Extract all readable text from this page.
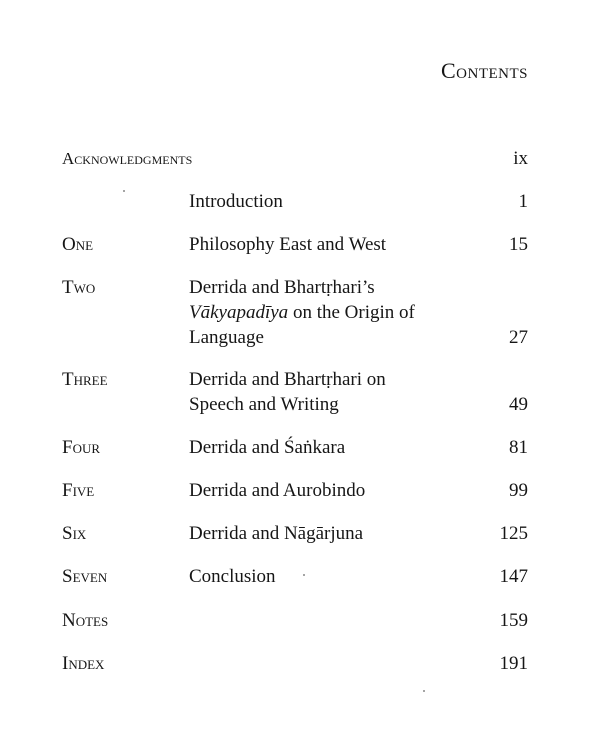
Contents
Acknowledgments	ix
Introduction	1
One	Philosophy East and West	15
Two	Derrida and Bhartṛhari’s
Vākyapadīya on the Origin of
Language	27
Three	Derrida and Bhartṛhari on
Speech and Writing	49
Four	Derrida and Śaṅkara	81
Five	Derrida and Aurobindo	99
Six	Derrida and Nāgārjuna	125
Seven	Conclusion	147
Notes	159
Index	191
